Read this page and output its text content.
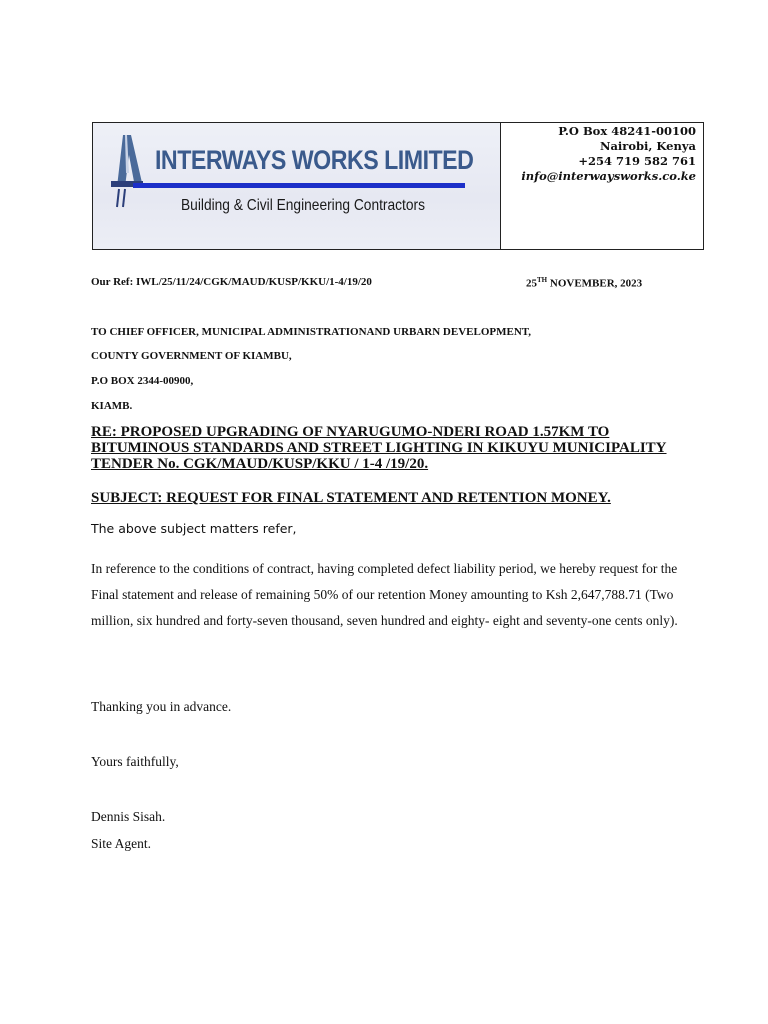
INTERWAYS WORKS LIMITED
Building & Civil Engineering Contractors
P.O Box 48241-00100
Nairobi, Kenya
+254 719 582 761
info@interwaysworks.co.ke
Our Ref: IWL/25/11/24/CGK/MAUD/KUSP/KKU/1-4/19/20	25TH NOVEMBER, 2023
TO CHIEF OFFICER, MUNICIPAL ADMINISTRATIONAND URBARN DEVELOPMENT,
COUNTY GOVERNMENT OF KIAMBU,
P.O BOX 2344-00900,
KIAMB.
RE: PROPOSED UPGRADING OF NYARUGUMO-NDERI ROAD 1.57KM TO
BITUMINOUS STANDARDS AND STREET LIGHTING IN KIKUYU MUNICIPALITY
TENDER No. CGK/MAUD/KUSP/KKU / 1-4 /19/20.
SUBJECT: REQUEST FOR FINAL STATEMENT AND RETENTION MONEY.
The above subject matters refer,
In reference to the conditions of contract, having completed defect liability period, we hereby request for the Final statement and release of remaining 50% of our retention Money amounting to Ksh 2,647,788.71 (Two million, six hundred and forty-seven thousand, seven hundred and eighty- eight and seventy-one cents only).
Thanking you in advance.
Yours faithfully,
Dennis Sisah.
Site Agent.
